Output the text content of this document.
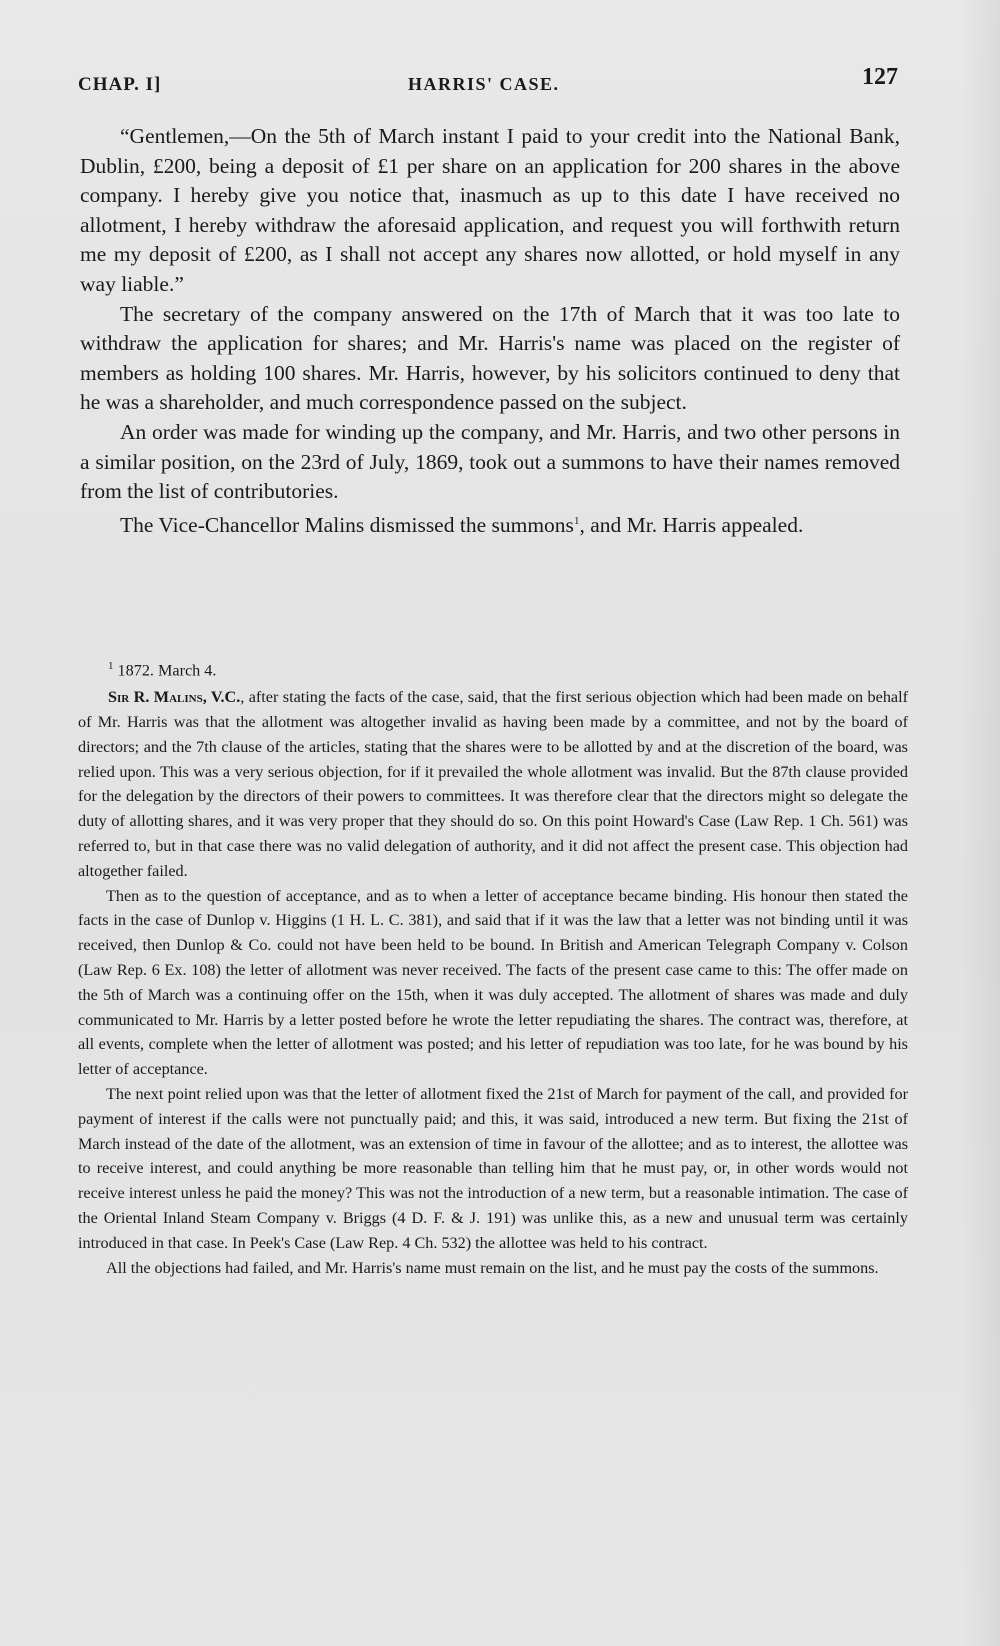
CHAP. I]	HARRIS' CASE.	127

“Gentlemen,—On the 5th of March instant I paid to your credit into the National Bank, Dublin, £200, being a deposit of £1 per share on an application for 200 shares in the above company. I hereby give you notice that, inasmuch as up to this date I have received no allotment, I hereby withdraw the aforesaid application, and request you will forthwith return me my deposit of £200, as I shall not accept any shares now allotted, or hold myself in any way liable.”

The secretary of the company answered on the 17th of March that it was too late to withdraw the application for shares; and Mr. Harris's name was placed on the register of members as holding 100 shares. Mr. Harris, however, by his solicitors continued to deny that he was a shareholder, and much correspondence passed on the subject.

An order was made for winding up the company, and Mr. Harris, and two other persons in a similar position, on the 23rd of July, 1869, took out a summons to have their names removed from the list of contributories.

The Vice-Chancellor Malins dismissed the summons$^1$, and Mr. Harris appealed.

$^1$ 1872. March 4.

Sir R. Malins, V.C., after stating the facts of the case, said, that the first serious objection which had been made on behalf of Mr. Harris was that the allotment was altogether invalid as having been made by a committee, and not by the board of directors; and the 7th clause of the articles, stating that the shares were to be allotted by and at the discretion of the board, was relied upon. This was a very serious objection, for if it prevailed the whole allotment was invalid. But the 87th clause provided for the delegation by the directors of their powers to committees. It was therefore clear that the directors might so delegate the duty of allotting shares, and it was very proper that they should do so. On this point Howard's Case (Law Rep. 1 Ch. 561) was referred to, but in that case there was no valid delegation of authority, and it did not affect the present case. This objection had altogether failed.

Then as to the question of acceptance, and as to when a letter of acceptance became binding. His honour then stated the facts in the case of Dunlop v. Higgins (1 H. L. C. 381), and said that if it was the law that a letter was not binding until it was received, then Dunlop & Co. could not have been held to be bound. In British and American Telegraph Company v. Colson (Law Rep. 6 Ex. 108) the letter of allotment was never received. The facts of the present case came to this: The offer made on the 5th of March was a continuing offer on the 15th, when it was duly accepted. The allotment of shares was made and duly communicated to Mr. Harris by a letter posted before he wrote the letter repudiating the shares. The contract was, therefore, at all events, complete when the letter of allotment was posted; and his letter of repudiation was too late, for he was bound by his letter of acceptance.

The next point relied upon was that the letter of allotment fixed the 21st of March for payment of the call, and provided for payment of interest if the calls were not punctually paid; and this, it was said, introduced a new term. But fixing the 21st of March instead of the date of the allotment, was an extension of time in favour of the allottee; and as to interest, the allottee was to receive interest, and could anything be more reasonable than telling him that he must pay, or, in other words would not receive interest unless he paid the money? This was not the introduction of a new term, but a reasonable intimation. The case of the Oriental Inland Steam Company v. Briggs (4 D. F. & J. 191) was unlike this, as a new and unusual term was certainly introduced in that case. In Peek's Case (Law Rep. 4 Ch. 532) the allottee was held to his contract.

All the objections had failed, and Mr. Harris's name must remain on the list, and he must pay the costs of the summons.
